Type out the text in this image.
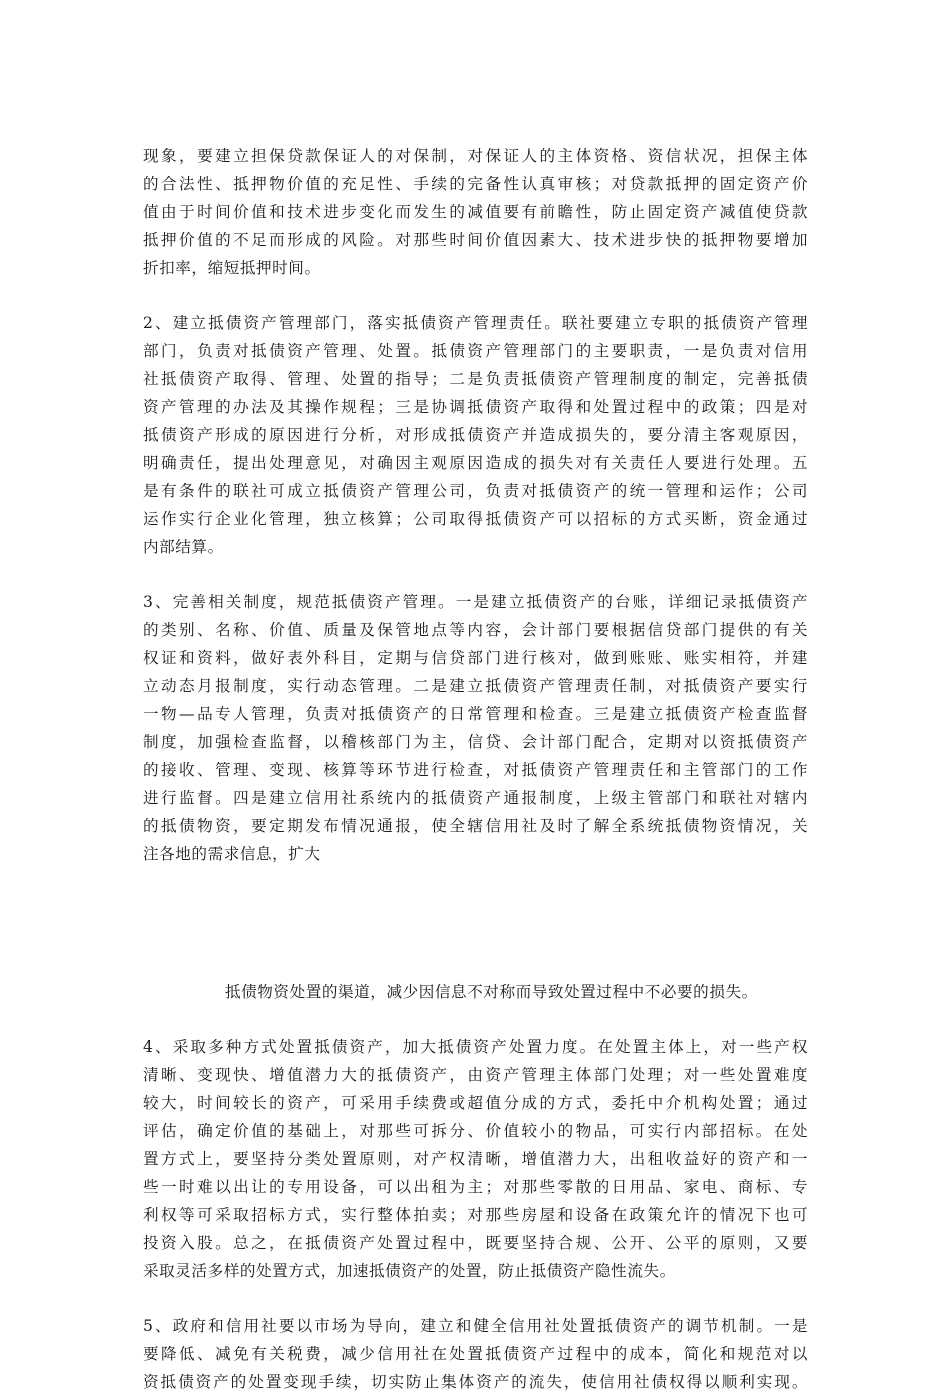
现象，要建立担保贷款保证人的对保制，对保证人的主体资格、资信状况，担保主体
的合法性、抵押物价值的充足性、手续的完备性认真审核；对贷款抵押的固定资产价
值由于时间价值和技术进步变化而发生的减值要有前瞻性，防止固定资产减值使贷款
抵押价值的不足而形成的风险。对那些时间价值因素大、技术进步快的抵押物要增加
折扣率，缩短抵押时间。
2、建立抵债资产管理部门，落实抵债资产管理责任。联社要建立专职的抵债资产管理
部门，负责对抵债资产管理、处置。抵债资产管理部门的主要职责，一是负责对信用
社抵债资产取得、管理、处置的指导；二是负责抵债资产管理制度的制定，完善抵债
资产管理的办法及其操作规程；三是协调抵债资产取得和处置过程中的政策；四是对
抵债资产形成的原因进行分析，对形成抵债资产并造成损失的，要分清主客观原因，
明确责任，提出处理意见，对确因主观原因造成的损失对有关责任人要进行处理。五
是有条件的联社可成立抵债资产管理公司，负责对抵债资产的统一管理和运作；公司
运作实行企业化管理，独立核算；公司取得抵债资产可以招标的方式买断，资金通过
内部结算。
3、完善相关制度，规范抵债资产管理。一是建立抵债资产的台账，详细记录抵债资产
的类别、名称、价值、质量及保管地点等内容，会计部门要根据信贷部门提供的有关
权证和资料，做好表外科目，定期与信贷部门进行核对，做到账账、账实相符，并建
立动态月报制度，实行动态管理。二是建立抵债资产管理责任制，对抵债资产要实行
一物—品专人管理，负责对抵债资产的日常管理和检查。三是建立抵债资产检查监督
制度，加强检查监督，以稽核部门为主，信贷、会计部门配合，定期对以资抵债资产
的接收、管理、变现、核算等环节进行检查，对抵债资产管理责任和主管部门的工作
进行监督。四是建立信用社系统内的抵债资产通报制度，上级主管部门和联社对辖内
的抵债物资，要定期发布情况通报，使全辖信用社及时了解全系统抵债物资情况，关
注各地的需求信息，扩大
抵债物资处置的渠道，减少因信息不对称而导致处置过程中不必要的损失。
4、采取多种方式处置抵债资产，加大抵债资产处置力度。在处置主体上，对一些产权
清晰、变现快、增值潜力大的抵债资产，由资产管理主体部门处理；对一些处置难度
较大，时间较长的资产，可采用手续费或超值分成的方式，委托中介机构处置；通过
评估，确定价值的基础上，对那些可拆分、价值较小的物品，可实行内部招标。在处
置方式上，要坚持分类处置原则，对产权清晰，增值潜力大，出租收益好的资产和一
些一时难以出让的专用设备，可以出租为主；对那些零散的日用品、家电、商标、专
利权等可采取招标方式，实行整体拍卖；对那些房屋和设备在政策允许的情况下也可
投资入股。总之，在抵债资产处置过程中，既要坚持合规、公开、公平的原则，又要
采取灵活多样的处置方式，加速抵债资产的处置，防止抵债资产隐性流失。
5、政府和信用社要以市场为导向，建立和健全信用社处置抵债资产的调节机制。一是
要降低、减免有关税费，减少信用社在处置抵债资产过程中的成本，简化和规范对以
资抵债资产的处置变现手续，切实防止集体资产的流失，使信用社债权得以顺利实现。
